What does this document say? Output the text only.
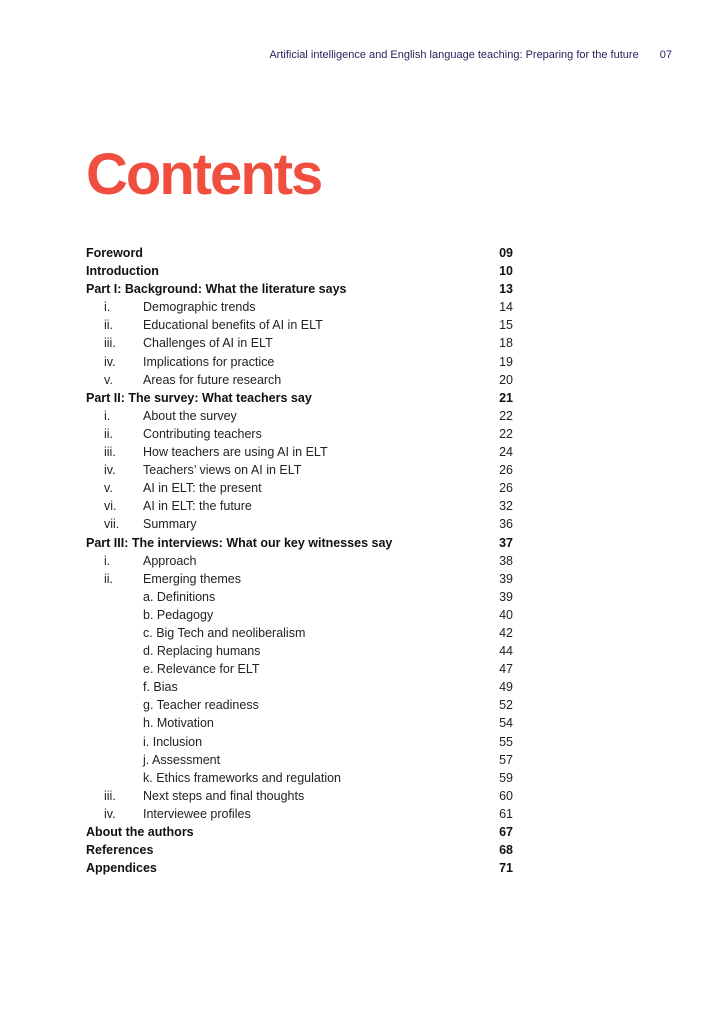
Artificial intelligence and English language teaching: Preparing for the future 07
Contents
Foreword	09
Introduction	10
Part I: Background: What the literature says	13
i.	Demographic trends	14
ii. Educational benefits of AI in ELT	15
iii. Challenges of AI in ELT	18
iv. Implications for practice	19
v. Areas for future research	20
Part II: The survey: What teachers say	21
i.	About the survey	22
ii. Contributing teachers	22
iii. How teachers are using AI in ELT	24
iv. Teachers’ views on AI in ELT	26
v. AI in ELT: the present	26
vi. AI in ELT: the future	32
vii. Summary	36
Part III: The interviews: What our key witnesses say	37
i.	Approach	38
ii. Emerging themes	39
a. Definitions	39
b. Pedagogy	40
c. Big Tech and neoliberalism	42
d. Replacing humans	44
e. Relevance for ELT	47
f. Bias	49
g. Teacher readiness	52
h. Motivation	54
i. Inclusion	55
j. Assessment	57
k. Ethics frameworks and regulation	59
iii. Next steps and final thoughts	60
iv. Interviewee profiles	61
About the authors	67
References	68
Appendices	71
